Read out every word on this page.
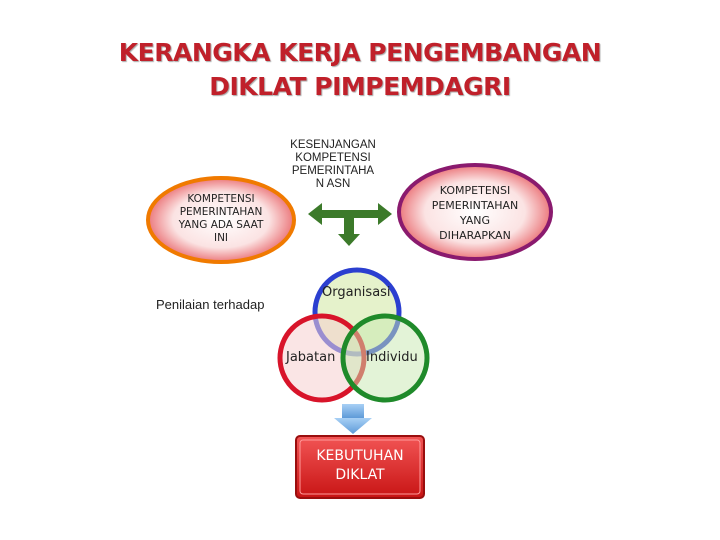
KERANGKA KERJA PENGEMBANGAN
DIKLAT PIMPEMDAGRI
KOMPETENSI
PEMERINTAHAN
YANG ADA SAAT
INI
KESENJANGAN
KOMPETENSI
PEMERINTAHA
N ASN	KOMPETENSI
PEMERINTAHAN
YANG
DIHARAPKAN
Penilaian terhadap
Organisasi
Jabatan Individu
KEBUTUHAN
DIKLAT
